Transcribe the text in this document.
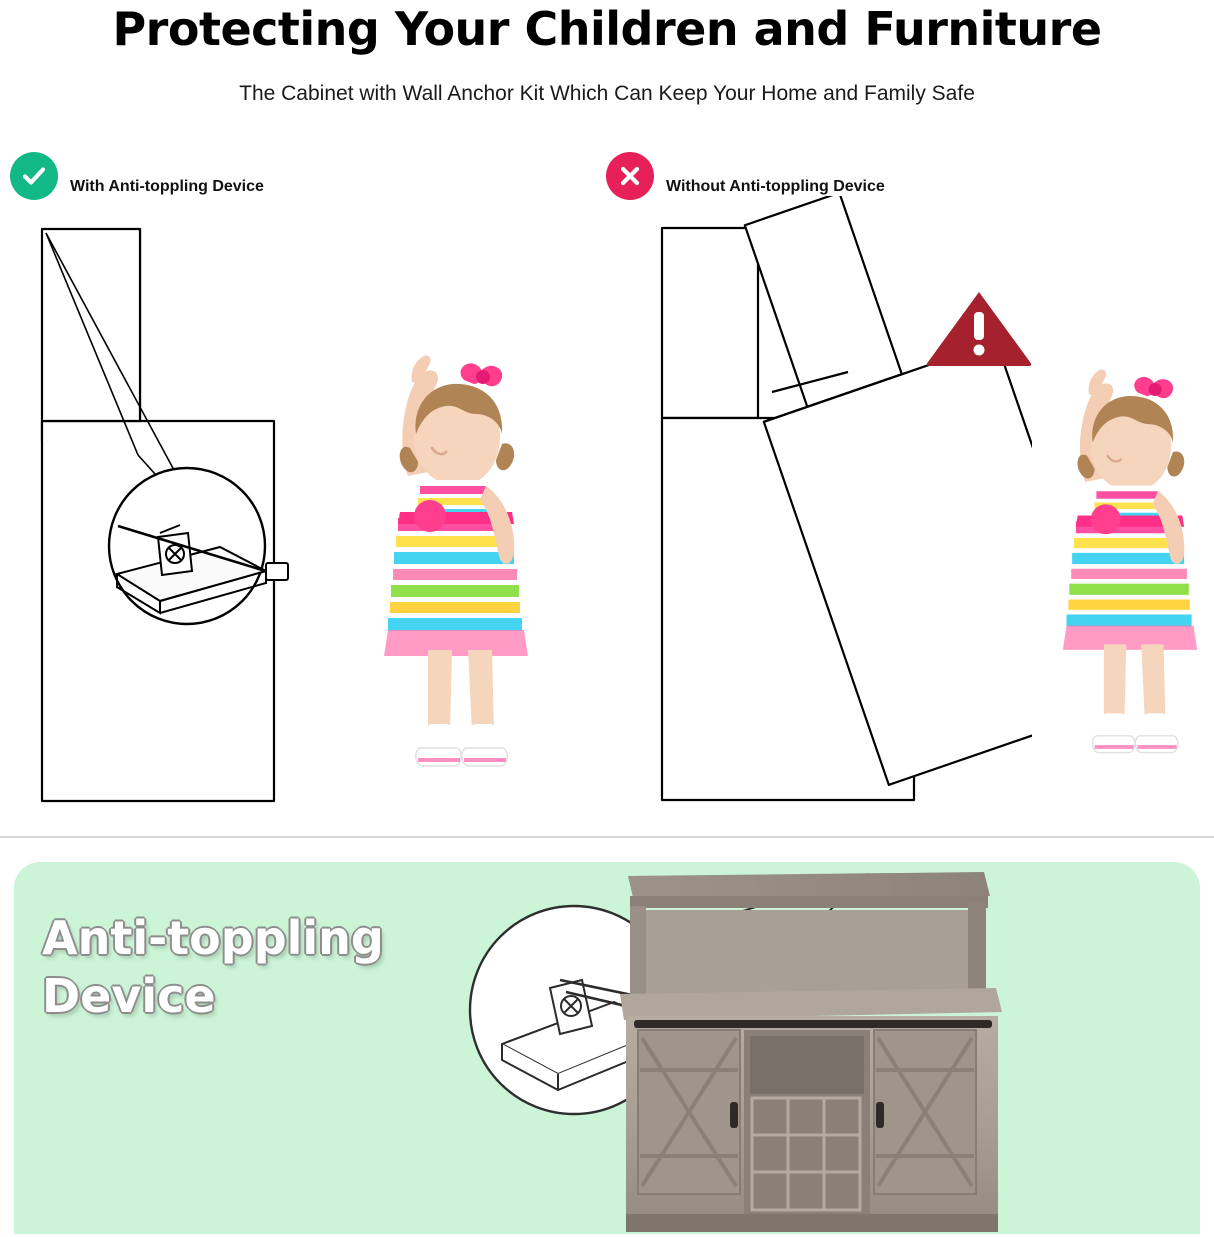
Protecting Your Children and Furniture
The Cabinet with Wall Anchor Kit Which Can Keep Your Home and Family Safe
With Anti-toppling Device	Without Anti-toppling Device
Anti-toppling
Device
